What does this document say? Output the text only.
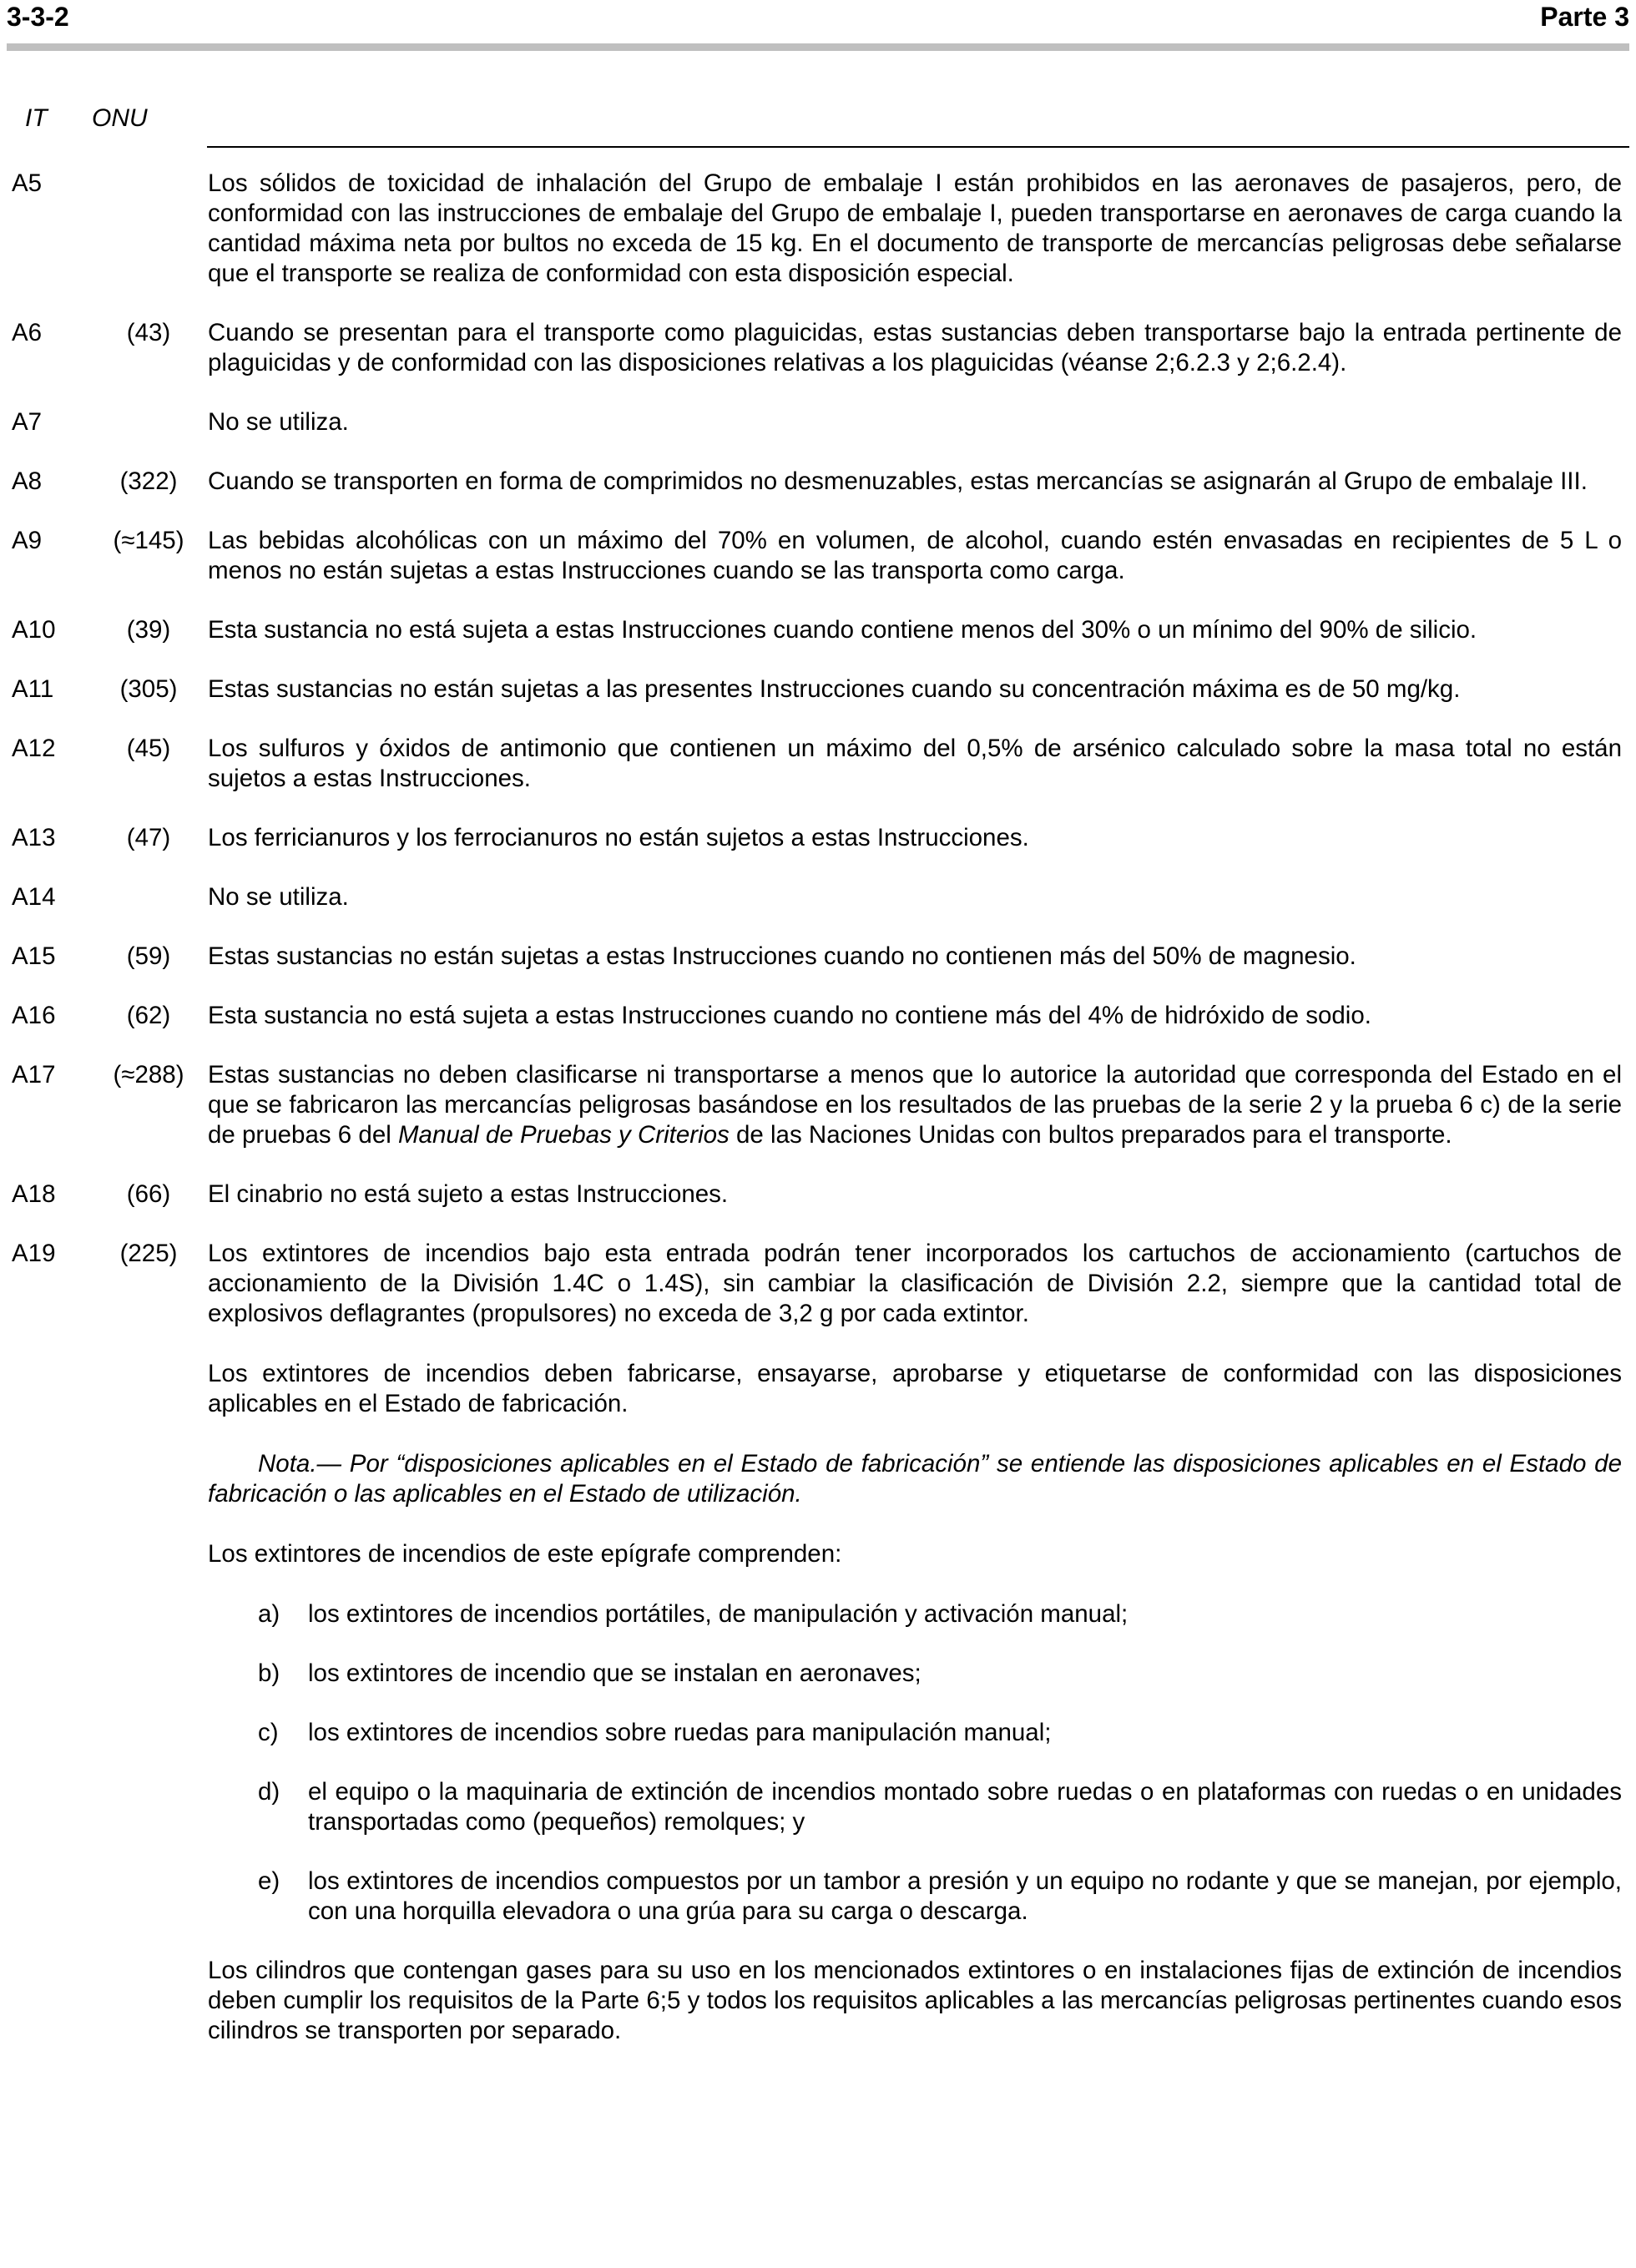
3-3-2	Parte 3
IT ONU
A5	Los sólidos de toxicidad de inhalación del Grupo de embalaje I están prohibidos en las aeronaves de pasajeros, pero, de conformidad con las instrucciones de embalaje del Grupo de embalaje I, pueden transportarse en aeronaves de carga cuando la cantidad máxima neta por bultos no exceda de 15 kg. En el documento de transporte de mercancías peligrosas debe señalarse que el transporte se realiza de conformidad con esta disposición especial.

A6	(43)	Cuando se presentan para el transporte como plaguicidas, estas sustancias deben transportarse bajo la entrada pertinente de plaguicidas y de conformidad con las disposiciones relativas a los plaguicidas (véanse 2;6.2.3 y 2;6.2.4).

A7	No se utiliza.

A8	(322)	Cuando se transporten en forma de comprimidos no desmenuzables, estas mercancías se asignarán al Grupo de embalaje III.

A9	(≈145) Las bebidas alcohólicas con un máximo del 70% en volumen, de alcohol, cuando estén envasadas en recipientes de 5 L o menos no están sujetas a estas Instrucciones cuando se las transporta como carga.

A10	(39)	Esta sustancia no está sujeta a estas Instrucciones cuando contiene menos del 30% o un mínimo del 90% de silicio.

A11	(305)	Estas sustancias no están sujetas a las presentes Instrucciones cuando su concentración máxima es de 50 mg/kg.

A12	(45)	Los sulfuros y óxidos de antimonio que contienen un máximo del 0,5% de arsénico calculado sobre la masa total no están sujetos a estas Instrucciones.

A13	(47)	Los ferricianuros y los ferrocianuros no están sujetos a estas Instrucciones.

A14	No se utiliza.

A15	(59)	Estas sustancias no están sujetas a estas Instrucciones cuando no contienen más del 50% de magnesio.

A16	(62)	Esta sustancia no está sujeta a estas Instrucciones cuando no contiene más del 4% de hidróxido de sodio.

A17 (≈288) Estas sustancias no deben clasificarse ni transportarse a menos que lo autorice la autoridad que corresponda del Estado en el que se fabricaron las mercancías peligrosas basándose en los resultados de las pruebas de la serie 2 y la prueba 6 c) de la serie de pruebas 6 del Manual de Pruebas y Criterios de las Naciones Unidas con bultos preparados para el transporte.

A18	(66)	El cinabrio no está sujeto a estas Instrucciones.

A19	(225)	Los extintores de incendios bajo esta entrada podrán tener incorporados los cartuchos de accionamiento (cartuchos de accionamiento de la División 1.4C o 1.4S), sin cambiar la clasificación de División 2.2, siempre que la cantidad total de explosivos deflagrantes (propulsores) no exceda de 3,2 g por cada extintor.

Los extintores de incendios deben fabricarse, ensayarse, aprobarse y etiquetarse de conformidad con las disposiciones aplicables en el Estado de fabricación.

Nota.— Por “disposiciones aplicables en el Estado de fabricación” se entiende las disposiciones aplicables en el Estado de fabricación o las aplicables en el Estado de utilización.

Los extintores de incendios de este epígrafe comprenden:

a) los extintores de incendios portátiles, de manipulación y activación manual;
b) los extintores de incendio que se instalan en aeronaves;
c) los extintores de incendios sobre ruedas para manipulación manual;
d) el equipo o la maquinaria de extinción de incendios montado sobre ruedas o en plataformas con ruedas o en unidades transportadas como (pequeños) remolques; y
e) los extintores de incendios compuestos por un tambor a presión y un equipo no rodante y que se manejan, por ejemplo, con una horquilla elevadora o una grúa para su carga o descarga.

Los cilindros que contengan gases para su uso en los mencionados extintores o en instalaciones fijas de extinción de incendios deben cumplir los requisitos de la Parte 6;5 y todos los requisitos aplicables a las mercancías peligrosas pertinentes cuando esos cilindros se transporten por separado.
